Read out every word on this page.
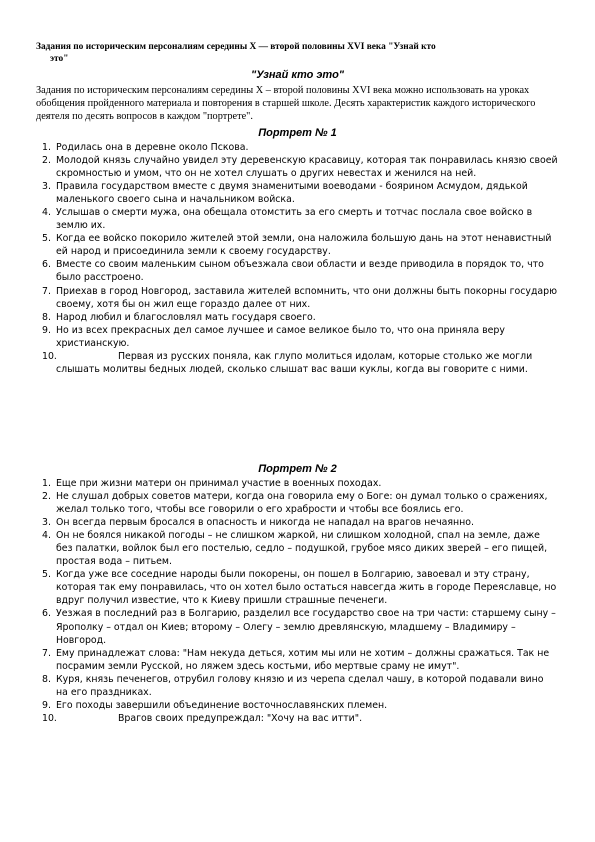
Задания по историческим персоналиям середины X — второй половины XVI века "Узнай кто
это"
"Узнай кто это"
Задания по историческим персоналиям середины X – второй половины XVI века можно использовать на уроках обобщения пройденного материала и повторения в старшей школе. Десять характеристик каждого исторического деятеля по десять вопросов в каждом "портрете".
Портрет № 1
1. Родилась она в деревне около Пскова.
2. Молодой князь случайно увидел эту деревенскую красавицу, которая так понравилась князю своей скромностью и умом, что он не хотел слушать о других невестах и женился на ней.
3. Правила государством вместе с двумя знаменитыми воеводами - боярином Асмудом, дядькой маленького своего сына и начальником войска.
4. Услышав о смерти мужа, она обещала отомстить за его смерть и тотчас послала свое войско в землю их.
5. Когда ее войско покорило жителей этой земли, она наложила большую дань на этот ненавистный ей народ и присоединила земли к своему государству.
6. Вместе со своим маленьким сыном объезжала свои области и везде приводила в порядок то, что было расстроено.
7. Приехав в город Новгород, заставила жителей вспомнить, что они должны быть покорны государю своему, хотя бы он жил еще гораздо далее от них.
8. Народ любил и благословлял мать государя своего.
9. Но из всех прекрасных дел самое лучшее и самое великое было то, что она приняла веру христианскую.
10.	Первая из русских поняла, как глупо молиться идолам, которые столько же могли слышать молитвы бедных людей, сколько слышат вас ваши куклы, когда вы говорите с ними.
Портрет № 2
1. Еще при жизни матери он принимал участие в военных походах.
2. Не слушал добрых советов матери, когда она говорила ему о Боге: он думал только о сражениях, желал только того, чтобы все говорили о его храбрости и чтобы все боялись его.
3. Он всегда первым бросался в опасность и никогда не нападал на врагов нечаянно.
4. Он не боялся никакой погоды – не слишком жаркой, ни слишком холодной, спал на земле, даже без палатки, войлок был его постелью, седло – подушкой, грубое мясо диких зверей – его пищей, простая вода – питьем.
5. Когда уже все соседние народы были покорены, он пошел в Болгарию, завоевал и эту страну, которая так ему понравилась, что он хотел было остаться навсегда жить в городе Переяславце, но вдруг получил известие, что к Киеву пришли страшные печенеги.
6. Уезжая в последний раз в Болгарию, разделил все государство свое на три части: старшему сыну – Ярополку – отдал он Киев; второму – Олегу – землю древлянскую, младшему – Владимиру – Новгород.
7. Ему принадлежат слова: "Нам некуда деться, хотим мы или не хотим – должны сражаться. Так не посрамим земли Русской, но ляжем здесь костьми, ибо мертвые сраму не имут".
8. Куря, князь печенегов, отрубил голову князю и из черепа сделал чашу, в которой подавали вино на его праздниках.
9. Его походы завершили объединение восточнославянских племен.
10.	Врагов своих предупреждал: "Хочу на вас итти".
